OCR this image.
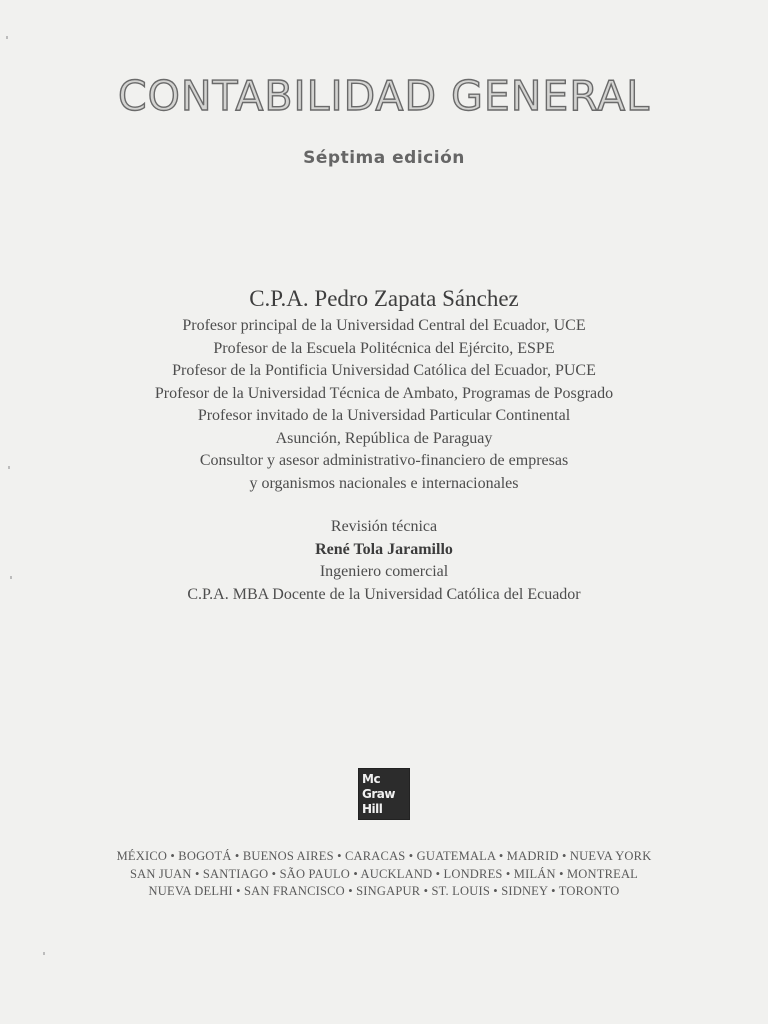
CONTABILIDAD GENERAL
Séptima edición
C.P.A. Pedro Zapata Sánchez
Profesor principal de la Universidad Central del Ecuador, UCE
Profesor de la Escuela Politécnica del Ejército, ESPE
Profesor de la Pontificia Universidad Católica del Ecuador, PUCE
Profesor de la Universidad Técnica de Ambato, Programas de Posgrado
Profesor invitado de la Universidad Particular Continental
Asunción, República de Paraguay
Consultor y asesor administrativo-financiero de empresas
y organismos nacionales e internacionales
Revisión técnica
René Tola Jaramillo
Ingeniero comercial
C.P.A. MBA Docente de la Universidad Católica del Ecuador
Mc
Graw
Hill
MÉXICO • BOGOTÁ • BUENOS AIRES • CARACAS • GUATEMALA • MADRID • NUEVA YORK
SAN JUAN • SANTIAGO • SÃO PAULO • AUCKLAND • LONDRES • MILÁN • MONTREAL
NUEVA DELHI • SAN FRANCISCO • SINGAPUR • ST. LOUIS • SIDNEY • TORONTO
